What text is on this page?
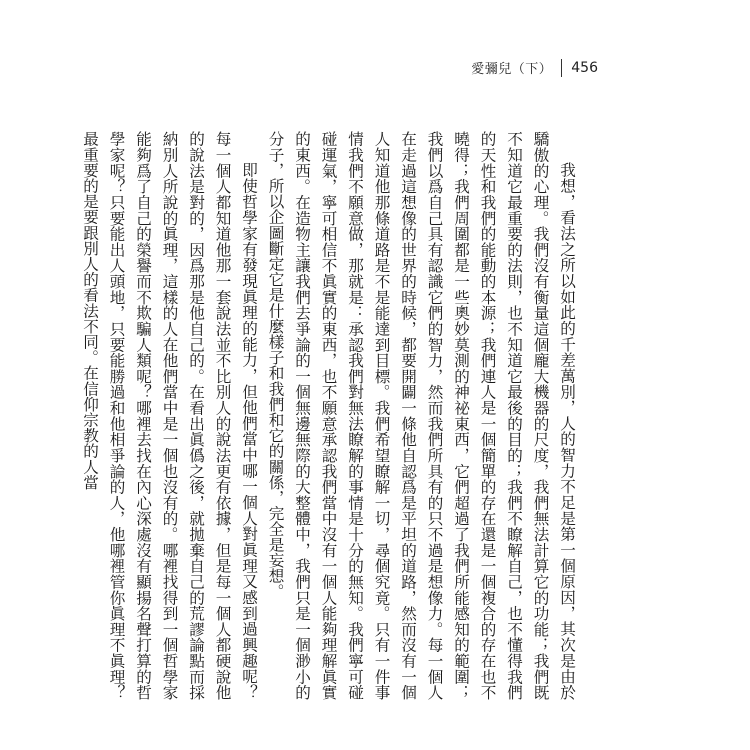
愛彌兒（下） 456

我想，看法之所以如此的千差萬別，人的智力不足是第一個原因，其次是由於驕傲的心理。我們沒有衡量這個龐大機器的尺度，我們無法計算它的功能；我們既不知道它最重要的法則，也不知道它最後的目的；我們不瞭解自己，也不懂得我們的天性和我們的能動的本源；我們連人是一個簡單的存在還是一個複合的存在也不曉得；我們周圍都是一些奧妙莫測的神祕東西，它們超過了我們所能感知的範圍；我們以爲自己具有認識它們的智力，然而我們所具有的只不過是想像力。每一個人在走過這想像的世界的時候，都要開闢一條他自認爲是平坦的道路，然而沒有一個人知道他那條道路是不是能達到目標。我們希望瞭解一切，尋個究竟。只有一件事情我們不願意做，那就是：承認我們對無法瞭解的事情是十分的無知。我們寧可碰碰運氣，寧可相信不眞實的東西，也不願意承認我們當中沒有一個人能夠理解眞實的東西。在造物主讓我們去爭論的一個無邊無際的大整體中，我們只是一個渺小的分子，所以企圖斷定它是什麼樣子和我們和它的關係，完全是妄想。

即使哲學家有發現眞理的能力，但他們當中哪一個人對眞理又感到過興趣呢？每一個人都知道他那一套說法並不比別人的說法更有依據，但是每一個人都硬說他的說法是對的，因爲那是他自己的。在看出眞僞之後，就拋棄自己的荒謬論點而採納別人所說的眞理，這樣的人在他們當中是一個也沒有的。哪裡找得到一個哲學家能夠爲了自己的榮譽而不欺騙人類呢？哪裡去找在內心深處沒有顯揚名聲打算的哲學家呢？只要能出人頭地，只要能勝過和他相爭論的人，他哪裡管你眞理不眞理？最重要的是要跟別人的看法不同。在信仰宗教的人當
